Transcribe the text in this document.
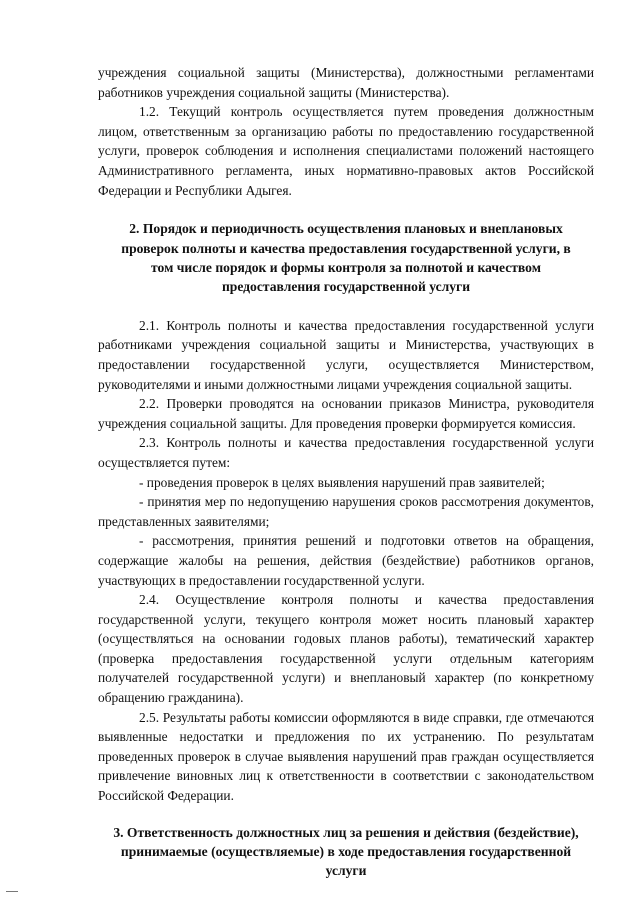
учреждения социальной защиты (Министерства), должностными регламентами работников учреждения социальной защиты (Министерства).

1.2. Текущий контроль осуществляется путем проведения должностным лицом, ответственным за организацию работы по предоставлению государственной услуги, проверок соблюдения и исполнения специалистами положений настоящего Административного регламента, иных нормативно-правовых актов Российской Федерации и Республики Адыгея.

2. Порядок и периодичность осуществления плановых и внеплановых проверок полноты и качества предоставления государственной услуги, в том числе порядок и формы контроля за полнотой и качеством предоставления государственной услуги

2.1. Контроль полноты и качества предоставления государственной услуги работниками учреждения социальной защиты и Министерства, участвующих в предоставлении государственной услуги, осуществляется Министерством, руководителями и иными должностными лицами учреждения социальной защиты.

2.2. Проверки проводятся на основании приказов Министра, руководителя учреждения социальной защиты. Для проведения проверки формируется комиссия.

2.3. Контроль полноты и качества предоставления государственной услуги осуществляется путем:

- проведения проверок в целях выявления нарушений прав заявителей;

- принятия мер по недопущению нарушения сроков рассмотрения документов, представленных заявителями;

- рассмотрения, принятия решений и подготовки ответов на обращения, содержащие жалобы на решения, действия (бездействие) работников органов, участвующих в предоставлении государственной услуги.

2.4. Осуществление контроля полноты и качества предоставления государственной услуги, текущего контроля может носить плановый характер (осуществляться на основании годовых планов работы), тематический характер (проверка предоставления государственной услуги отдельным категориям получателей государственной услуги) и внеплановый характер (по конкретному обращению гражданина).

2.5. Результаты работы комиссии оформляются в виде справки, где отмечаются выявленные недостатки и предложения по их устранению. По результатам проведенных проверок в случае выявления нарушений прав граждан осуществляется привлечение виновных лиц к ответственности в соответствии с законодательством Российской Федерации.

3. Ответственность должностных лиц за решения и действия (бездействие), принимаемые (осуществляемые) в ходе предоставления государственной услуги
